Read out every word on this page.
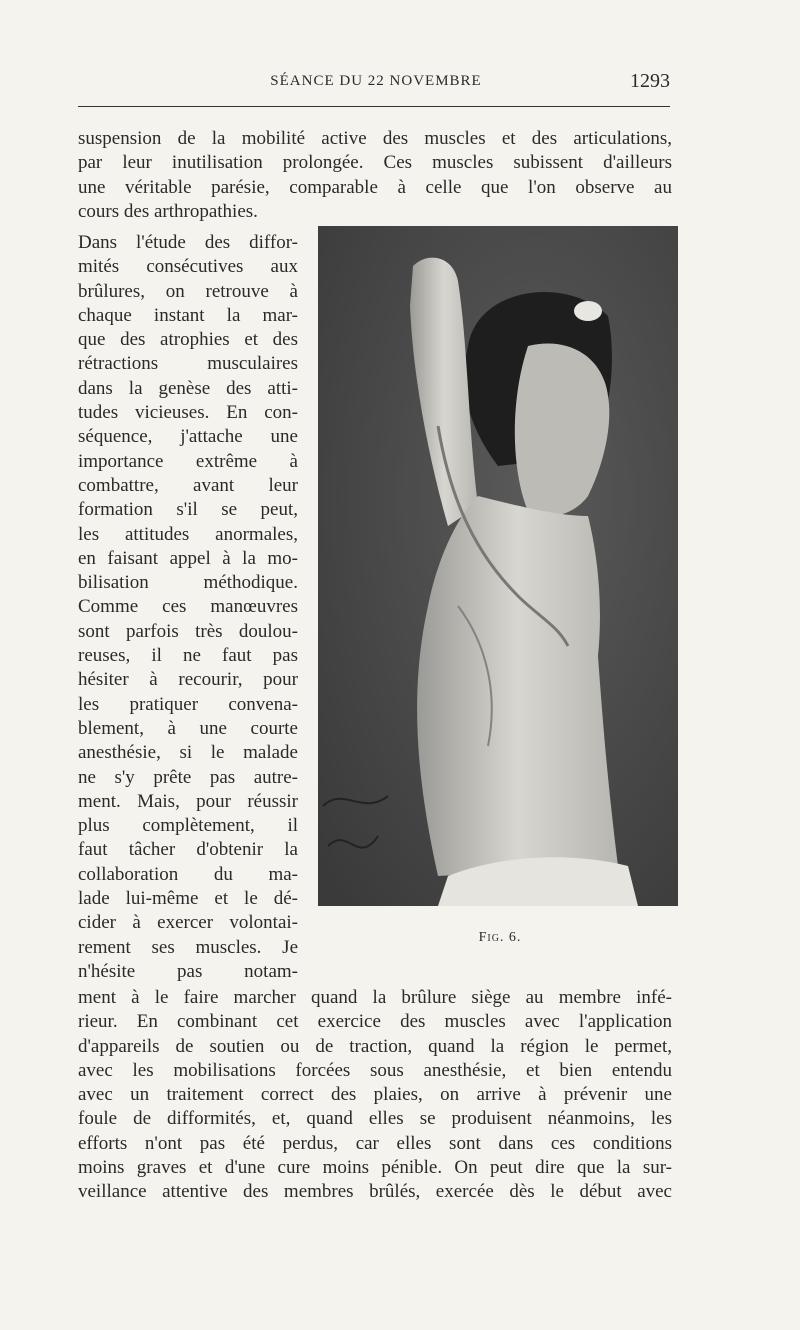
SÉANCE DU 22 NOVEMBRE	1293
suspension de la mobilité active des muscles et des articulations,
par leur inutilisation prolongée. Ces muscles subissent d'ailleurs
une véritable parésie, comparable à celle que l'on observe au
cours des arthropathies.
Dans l'étude des diffor-
mités consécutives aux
brûlures, on retrouve à
chaque instant la mar-
que des atrophies et des
rétractions musculaires
dans la genèse des atti-
tudes vicieuses. En con-
séquence, j'attache une
importance extrême à
combattre, avant leur
formation s'il se peut,
les attitudes anormales,
en faisant appel à la mo-
bilisation méthodique.
Comme ces manœuvres
sont parfois très doulou-
reuses, il ne faut pas
hésiter à recourir, pour
les pratiquer convena-
blement, à une courte
anesthésie, si le malade
ne s'y prête pas autre-
ment. Mais, pour réussir
plus complètement, il
faut tâcher d'obtenir la
collaboration du ma-
lade lui-même et le dé-
cider à exercer volontai-
rement ses muscles. Je
n'hésite pas notam-
Fig. 6.
ment à le faire marcher quand la brûlure siège au membre infé-
rieur. En combinant cet exercice des muscles avec l'application
d'appareils de soutien ou de traction, quand la région le permet,
avec les mobilisations forcées sous anesthésie, et bien entendu
avec un traitement correct des plaies, on arrive à prévenir une
foule de difformités, et, quand elles se produisent néanmoins, les
efforts n'ont pas été perdus, car elles sont dans ces conditions
moins graves et d'une cure moins pénible. On peut dire que la sur-
veillance attentive des membres brûlés, exercée dès le début avec
